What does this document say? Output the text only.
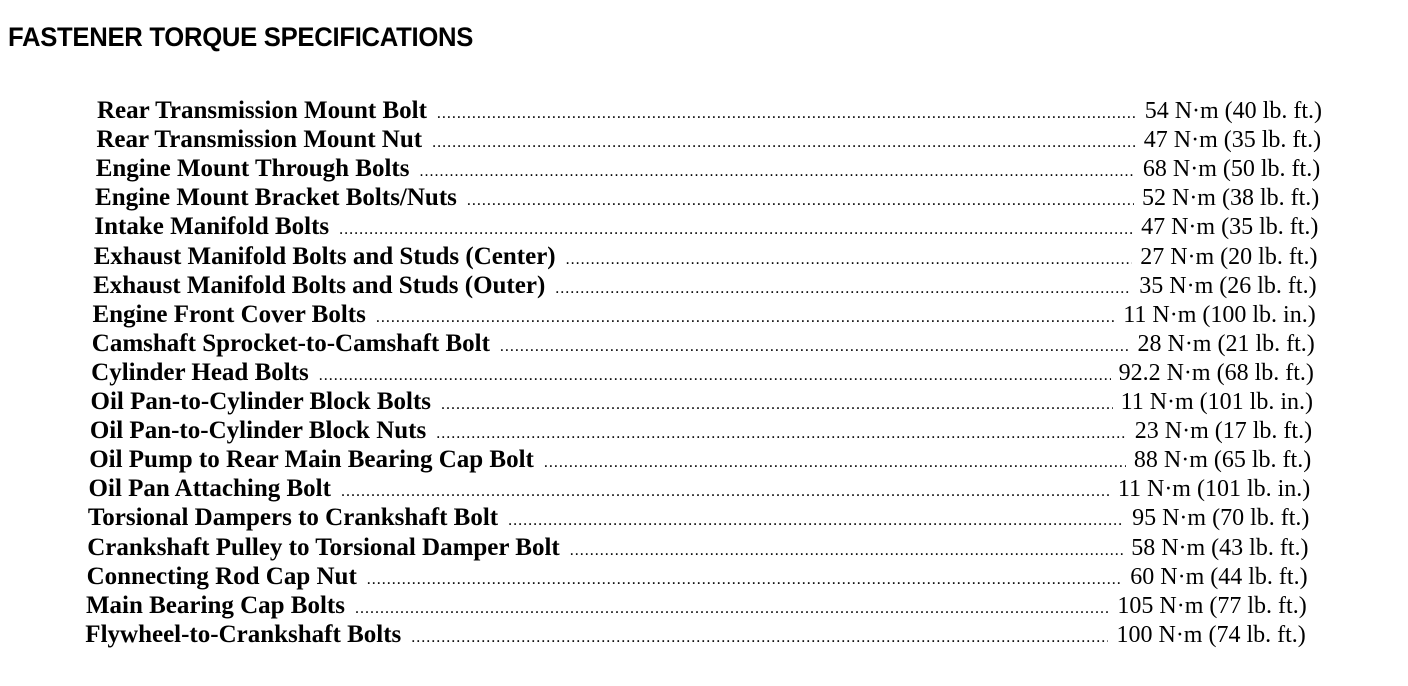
FASTENER TORQUE SPECIFICATIONS
Rear Transmission Mount Bolt .....	54 N·m (40 lb. ft.)
Rear Transmission Mount Nut .....	47 N·m (35 lb. ft.)
Engine Mount Through Bolts .....	68 N·m (50 lb. ft.)
Engine Mount Bracket Bolts/Nuts .....	52 N·m (38 lb. ft.)
Intake Manifold Bolts .....	47 N·m (35 lb. ft.)
Exhaust Manifold Bolts and Studs (Center) .....	27 N·m (20 lb. ft.)
Exhaust Manifold Bolts and Studs (Outer) .....	35 N·m (26 lb. ft.)
Engine Front Cover Bolts .....	11 N·m (100 lb. in.)
Camshaft Sprocket-to-Camshaft Bolt .....	28 N·m (21 lb. ft.)
Cylinder Head Bolts .....	92.2 N·m (68 lb. ft.)
Oil Pan-to-Cylinder Block Bolts .....	11 N·m (101 lb. in.)
Oil Pan-to-Cylinder Block Nuts .....	23 N·m (17 lb. ft.)
Oil Pump to Rear Main Bearing Cap Bolt .....	88 N·m (65 lb. ft.)
Oil Pan Attaching Bolt .....	11 N·m (101 lb. in.)
Torsional Dampers to Crankshaft Bolt .....	95 N·m (70 lb. ft.)
Crankshaft Pulley to Torsional Damper Bolt .....	58 N·m (43 lb. ft.)
Connecting Rod Cap Nut .....	60 N·m (44 lb. ft.)
Main Bearing Cap Bolts .....	105 N·m (77 lb. ft.)
Flywheel-to-Crankshaft Bolts .....	100 N·m (74 lb. ft.)
